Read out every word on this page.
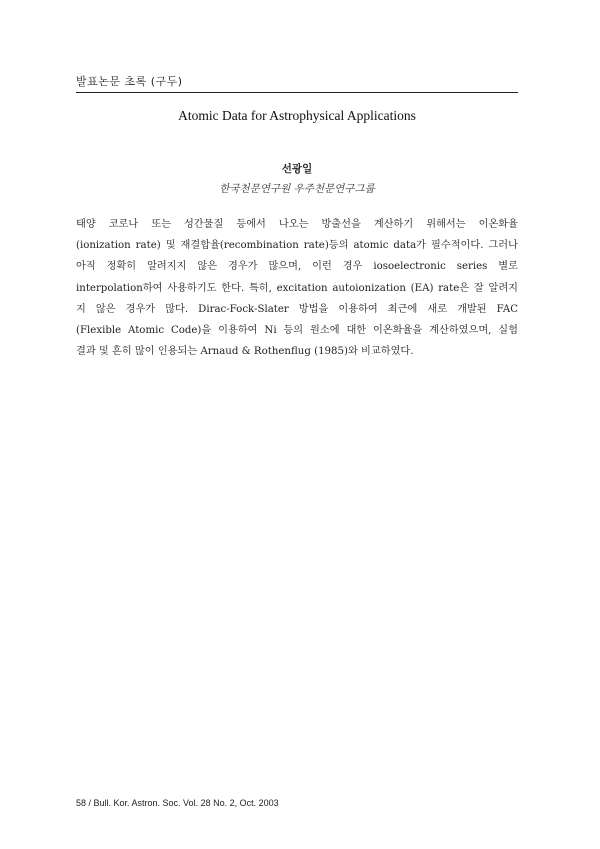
발표논문 초록 (구두)
Atomic Data for Astrophysical Applications
선광일
한국천문연구원 우주천문연구그룹
태양 코로나 또는 성간물질 등에서 나오는 방출선을 계산하기 위해서는 이온화율
(ionization rate) 및 재결합율(recombination rate)등의 atomic data가 필수적이다. 그러나
아직 정확히 알려지지 않은 경우가 많으며, 이런 경우 iosoelectronic series 별로
interpolation하여 사용하기도 한다. 특히, excitation autoionization (EA) rate은 잘 알려지
지 않은 경우가 많다. Dirac-Fock-Slater 방법을 이용하여 최근에 새로 개발된 FAC
(Flexible Atomic Code)을 이용하여 Ni 등의 원소에 대한 이온화율을 계산하였으며, 실험
결과 및 흔히 많이 인용되는 Arnaud & Rothenflug (1985)와 비교하였다.
58 / Bull. Kor. Astron. Soc. Vol. 28 No. 2, Oct. 2003
